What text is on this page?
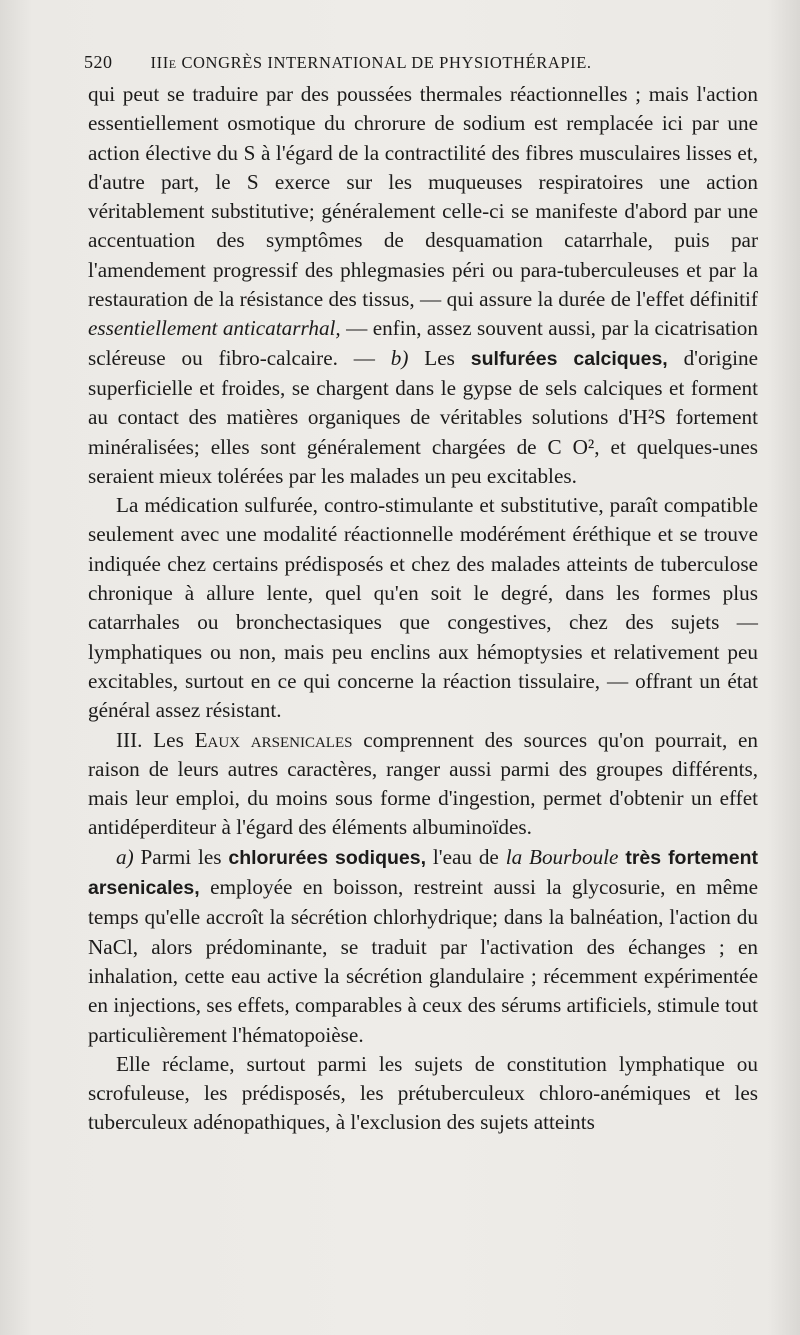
520 IIIe CONGRÈS INTERNATIONAL DE PHYSIOTHÉRAPIE.

qui peut se traduire par des poussées thermales réactionnelles ; mais l'action essentiellement osmotique du chrorure de sodium est remplacée ici par une action élective du S à l'égard de la contractilité des fibres musculaires lisses et, d'autre part, le S exerce sur les muqueuses respiratoires une action véritablement substitutive; généralement celle-ci se manifeste d'abord par une accentuation des symptômes de desquamation catarrhale, puis par l'amendement progressif des phlegmasies péri ou para-tuberculeuses et par la restauration de la résistance des tissus, — qui assure la durée de l'effet définitif essentiellement anticatarrhal, — enfin, assez souvent aussi, par la cicatrisation scléreuse ou fibro-calcaire. — b) Les sulfurées calciques, d'origine superficielle et froides, se chargent dans le gypse de sels calciques et forment au contact des matières organiques de véritables solutions d'H²S fortement minéralisées; elles sont généralement chargées de C O², et quelques-unes seraient mieux tolérées par les malades un peu excitables.

La médication sulfurée, contro-stimulante et substitutive, paraît compatible seulement avec une modalité réactionnelle modérément éréthique et se trouve indiquée chez certains prédisposés et chez des malades atteints de tuberculose chronique à allure lente, quel qu'en soit le degré, dans les formes plus catarrhales ou bronchectasiques que congestives, chez des sujets — lymphatiques ou non, mais peu enclins aux hémoptysies et relativement peu excitables, surtout en ce qui concerne la réaction tissulaire, — offrant un état général assez résistant.

III. Les Eaux arsenicales comprennent des sources qu'on pourrait, en raison de leurs autres caractères, ranger aussi parmi des groupes différents, mais leur emploi, du moins sous forme d'ingestion, permet d'obtenir un effet antidéperditeur à l'égard des éléments albuminoïdes.

a) Parmi les chlorurées sodiques, l'eau de la Bourboule très fortement arsenicales, employée en boisson, restreint aussi la glycosurie, en même temps qu'elle accroît la sécrétion chlorhydrique; dans la balnéation, l'action du NaCl, alors prédominante, se traduit par l'activation des échanges ; en inhalation, cette eau active la sécrétion glandulaire ; récemment expérimentée en injections, ses effets, comparables à ceux des sérums artificiels, stimule tout particulièrement l'hématopoièse.

Elle réclame, surtout parmi les sujets de constitution lymphatique ou scrofuleuse, les prédisposés, les prétuberculeux chloro-anémiques et les tuberculeux adénopathiques, à l'exclusion des sujets atteints
